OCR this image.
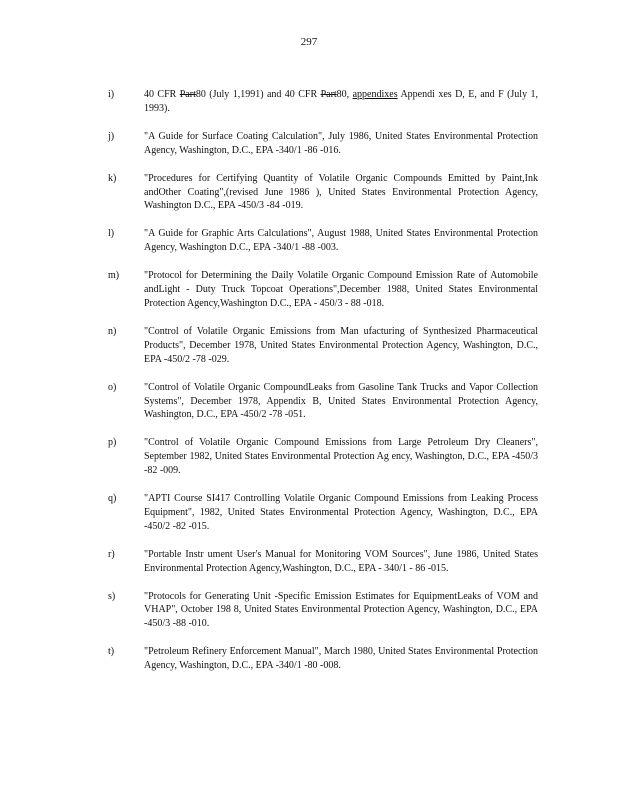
297
i)	40 CFR Part80 (July 1,1991) and 40 CFR Part80, appendixes Appendi xes D, E, and F (July 1, 1993).
j)	"A Guide for Surface Coating Calculation", July 1986, United States Environmental Protection Agency, Washington, D.C., EPA -340/1 -86 -016.
k)	"Procedures for Certifying Quantity of Volatile Organic Compounds Emitted by Paint,Ink andOther Coating",(revised June 1986 ), United States Environmental Protection Agency, Washington D.C., EPA -450/3 -84 -019.
l)	"A Guide for Graphic Arts Calculations", August 1988, United States Environmental Protection Agency, Washington D.C., EPA -340/1 -88 -003.
m) "Protocol for Determining the Daily Volatile Organic Compound Emission Rate of Automobile andLight - Duty Truck Topcoat Operations",December 1988, United States Environmental Protection Agency,Washington D.C., EPA - 450/3 - 88 -018.
n)	"Control of Volatile Organic Emissions from Man ufacturing of Synthesized Pharmaceutical Products", December 1978, United States Environmental Protection Agency, Washington, D.C., EPA -450/2 -78 -029.
o)	"Control of Volatile Organic CompoundLeaks from Gasoline Tank Trucks and Vapor Collection Systems", December 1978, Appendix B, United States Environmental Protection Agency, Washington, D.C., EPA -450/2 -78 -051.
p)	"Control of Volatile Organic Compound Emissions from Large Petroleum Dry Cleaners", September 1982, United States Environmental Protection Ag ency, Washington, D.C., EPA -450/3 -82 -009.
q)	"APTI Course SI417 Controlling Volatile Organic Compound Emissions from Leaking Process Equipment", 1982, United States Environmental Protection Agency, Washington, D.C., EPA -450/2 -82 -015.
r)	"Portable Instr ument User's Manual for Monitoring VOM Sources", June 1986, United States Environmental Protection Agency,Washington, D.C., EPA - 340/1 - 86 -015.
s)	"Protocols for Generating Unit -Specific Emission Estimates for EquipmentLeaks of VOM and VHAP", October 198 8, United States Environmental Protection Agency, Washington, D.C., EPA -450/3 -88 -010.
t)	"Petroleum Refinery Enforcement Manual", March 1980, United States Environmental Protection Agency, Washington, D.C., EPA -340/1 -80 -008.
